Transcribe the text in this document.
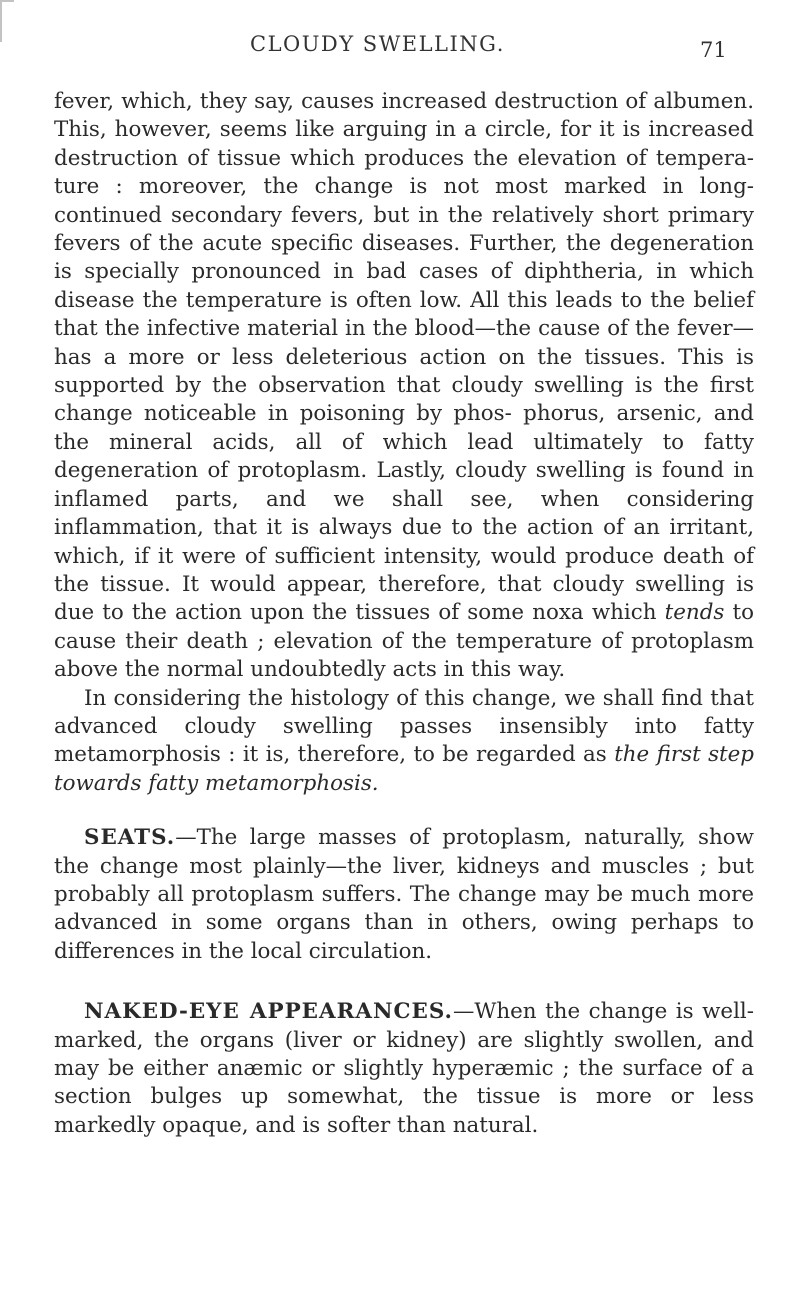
CLOUDY SWELLING.	71

fever, which, they say, causes increased destruction of albumen. This, however, seems like arguing in a circle, for it is increased destruction of tissue which produces the elevation of tempera- ture : moreover, the change is not most marked in long- continued secondary fevers, but in the relatively short primary fevers of the acute specific diseases. Further, the degeneration is specially pronounced in bad cases of diphtheria, in which disease the temperature is often low. All this leads to the belief that the infective material in the blood—the cause of the fever—has a more or less deleterious action on the tissues. This is supported by the observation that cloudy swelling is the first change noticeable in poisoning by phos- phorus, arsenic, and the mineral acids, all of which lead ultimately to fatty degeneration of protoplasm. Lastly, cloudy swelling is found in inflamed parts, and we shall see, when considering inflammation, that it is always due to the action of an irritant, which, if it were of sufficient intensity, would produce death of the tissue. It would appear, therefore, that cloudy swelling is due to the action upon the tissues of some noxa which tends to cause their death ; elevation of the temperature of protoplasm above the normal undoubtedly acts in this way.

In considering the histology of this change, we shall find that advanced cloudy swelling passes insensibly into fatty metamorphosis : it is, therefore, to be regarded as the first step towards fatty metamorphosis.

SEATS.—The large masses of protoplasm, naturally, show the change most plainly—the liver, kidneys and muscles ; but probably all protoplasm suffers. The change may be much more advanced in some organs than in others, owing perhaps to differences in the local circulation.

NAKED-EYE APPEARANCES.—When the change is well-marked, the organs (liver or kidney) are slightly swollen, and may be either anæmic or slightly hyperæmic ; the surface of a section bulges up somewhat, the tissue is more or less markedly opaque, and is softer than natural.
